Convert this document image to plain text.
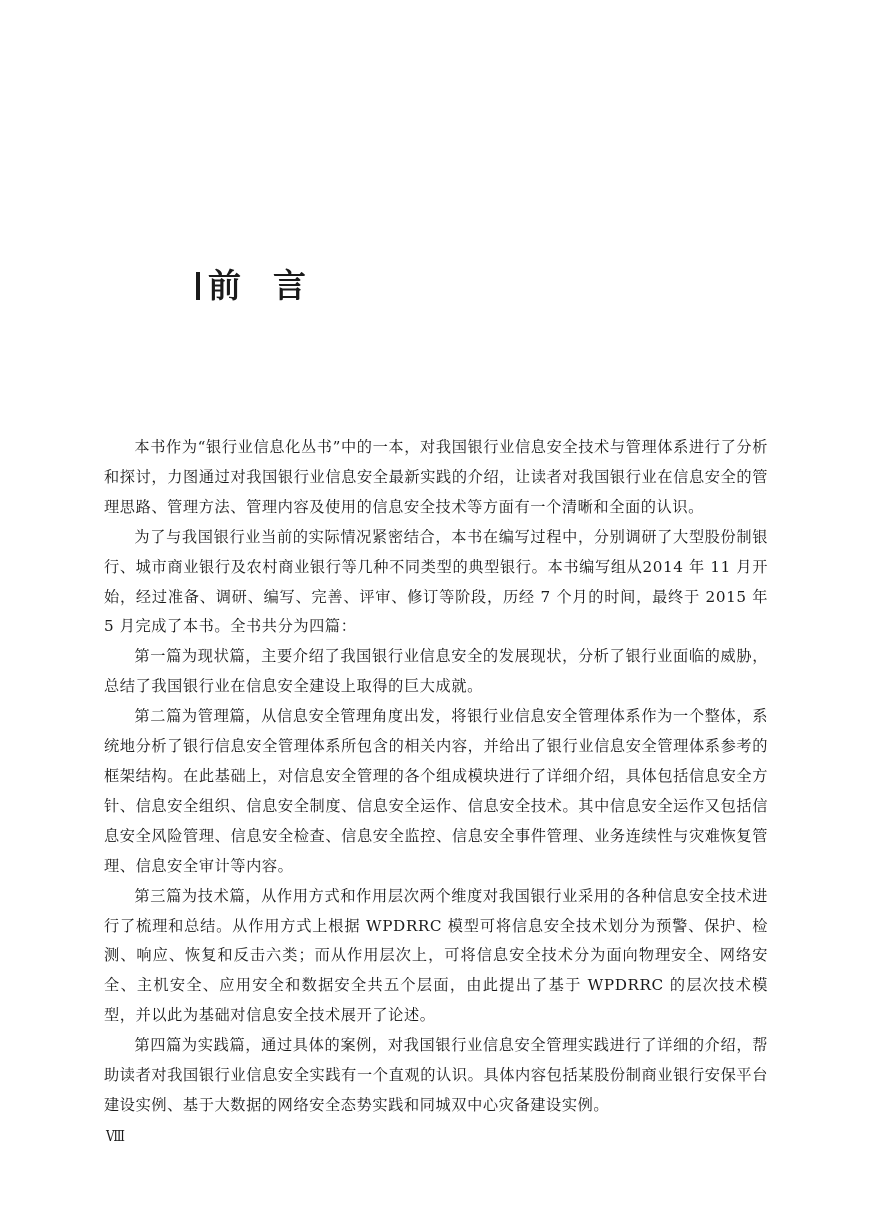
前言

本书作为“银行业信息化丛书”中的一本，对我国银行业信息安全技术与管理体系进行了分析和探讨，力图通过对我国银行业信息安全最新实践的介绍，让读者对我国银行业在信息安全的管理思路、管理方法、管理内容及使用的信息安全技术等方面有一个清晰和全面的认识。

为了与我国银行业当前的实际情况紧密结合，本书在编写过程中，分别调研了大型股份制银行、城市商业银行及农村商业银行等几种不同类型的典型银行。本书编写组从2014 年 11 月开始，经过准备、调研、编写、完善、评审、修订等阶段，历经 7 个月的时间，最终于 2015 年 5 月完成了本书。全书共分为四篇：

第一篇为现状篇，主要介绍了我国银行业信息安全的发展现状，分析了银行业面临的威胁，总结了我国银行业在信息安全建设上取得的巨大成就。

第二篇为管理篇，从信息安全管理角度出发，将银行业信息安全管理体系作为一个整体，系统地分析了银行信息安全管理体系所包含的相关内容，并给出了银行业信息安全管理体系参考的框架结构。在此基础上，对信息安全管理的各个组成模块进行了详细介绍，具体包括信息安全方针、信息安全组织、信息安全制度、信息安全运作、信息安全技术。其中信息安全运作又包括信息安全风险管理、信息安全检查、信息安全监控、信息安全事件管理、业务连续性与灾难恢复管理、信息安全审计等内容。

第三篇为技术篇，从作用方式和作用层次两个维度对我国银行业采用的各种信息安全技术进行了梳理和总结。从作用方式上根据 WPDRRC 模型可将信息安全技术划分为预警、保护、检测、响应、恢复和反击六类；而从作用层次上，可将信息安全技术分为面向物理安全、网络安全、主机安全、应用安全和数据安全共五个层面，由此提出了基于 WPDRRC 的层次技术模型，并以此为基础对信息安全技术展开了论述。

第四篇为实践篇，通过具体的案例，对我国银行业信息安全管理实践进行了详细的介绍，帮助读者对我国银行业信息安全实践有一个直观的认识。具体内容包括某股份制商业银行安保平台建设实例、基于大数据的网络安全态势实践和同城双中心灾备建设实例。

Ⅷ
